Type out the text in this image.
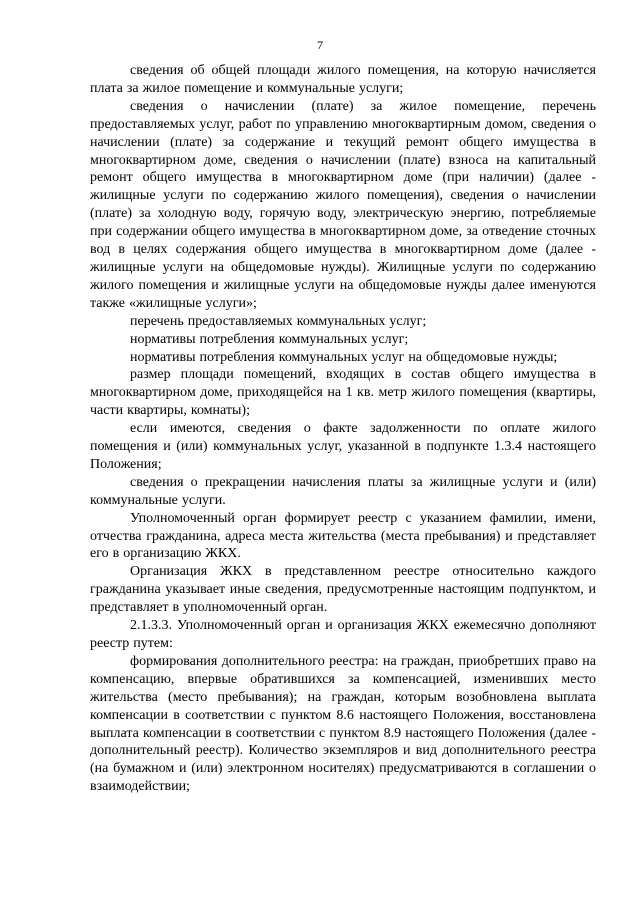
7

сведения об общей площади жилого помещения, на которую начисляется плата за жилое помещение и коммунальные услуги;

сведения о начислении (плате) за жилое помещение, перечень предоставляемых услуг, работ по управлению многоквартирным домом, сведения о начислении (плате) за содержание и текущий ремонт общего имущества в многоквартирном доме, сведения о начислении (плате) взноса на капитальный ремонт общего имущества в многоквартирном доме (при наличии) (далее - жилищные услуги по содержанию жилого помещения), сведения о начислении (плате) за холодную воду, горячую воду, электрическую энергию, потребляемые при содержании общего имущества в многоквартирном доме, за отведение сточных вод в целях содержания общего имущества в многоквартирном доме (далее - жилищные услуги на общедомовые нужды). Жилищные услуги по содержанию жилого помещения и жилищные услуги на общедомовые нужды далее именуются также «жилищные услуги»;

перечень предоставляемых коммунальных услуг;

нормативы потребления коммунальных услуг;

нормативы потребления коммунальных услуг на общедомовые нужды;

размер площади помещений, входящих в состав общего имущества в многоквартирном доме, приходящейся на 1 кв. метр жилого помещения (квартиры, части квартиры, комнаты);

если имеются, сведения о факте задолженности по оплате жилого помещения и (или) коммунальных услуг, указанной в подпункте 1.3.4 настоящего Положения;

сведения о прекращении начисления платы за жилищные услуги и (или) коммунальные услуги.

Уполномоченный орган формирует реестр с указанием фамилии, имени, отчества гражданина, адреса места жительства (места пребывания) и представляет его в организацию ЖКХ.

Организация ЖКХ в представленном реестре относительно каждого гражданина указывает иные сведения, предусмотренные настоящим подпунктом, и представляет в уполномоченный орган.

2.1.3.3. Уполномоченный орган и организация ЖКХ ежемесячно дополняют реестр путем:

формирования дополнительного реестра: на граждан, приобретших право на компенсацию, впервые обратившихся за компенсацией, изменивших место жительства (место пребывания); на граждан, которым возобновлена выплата компенсации в соответствии с пунктом 8.6 настоящего Положения, восстановлена выплата компенсации в соответствии с пунктом 8.9 настоящего Положения (далее - дополнительный реестр). Количество экземпляров и вид дополнительного реестра (на бумажном и (или) электронном носителях) предусматриваются в соглашении о взаимодействии;
